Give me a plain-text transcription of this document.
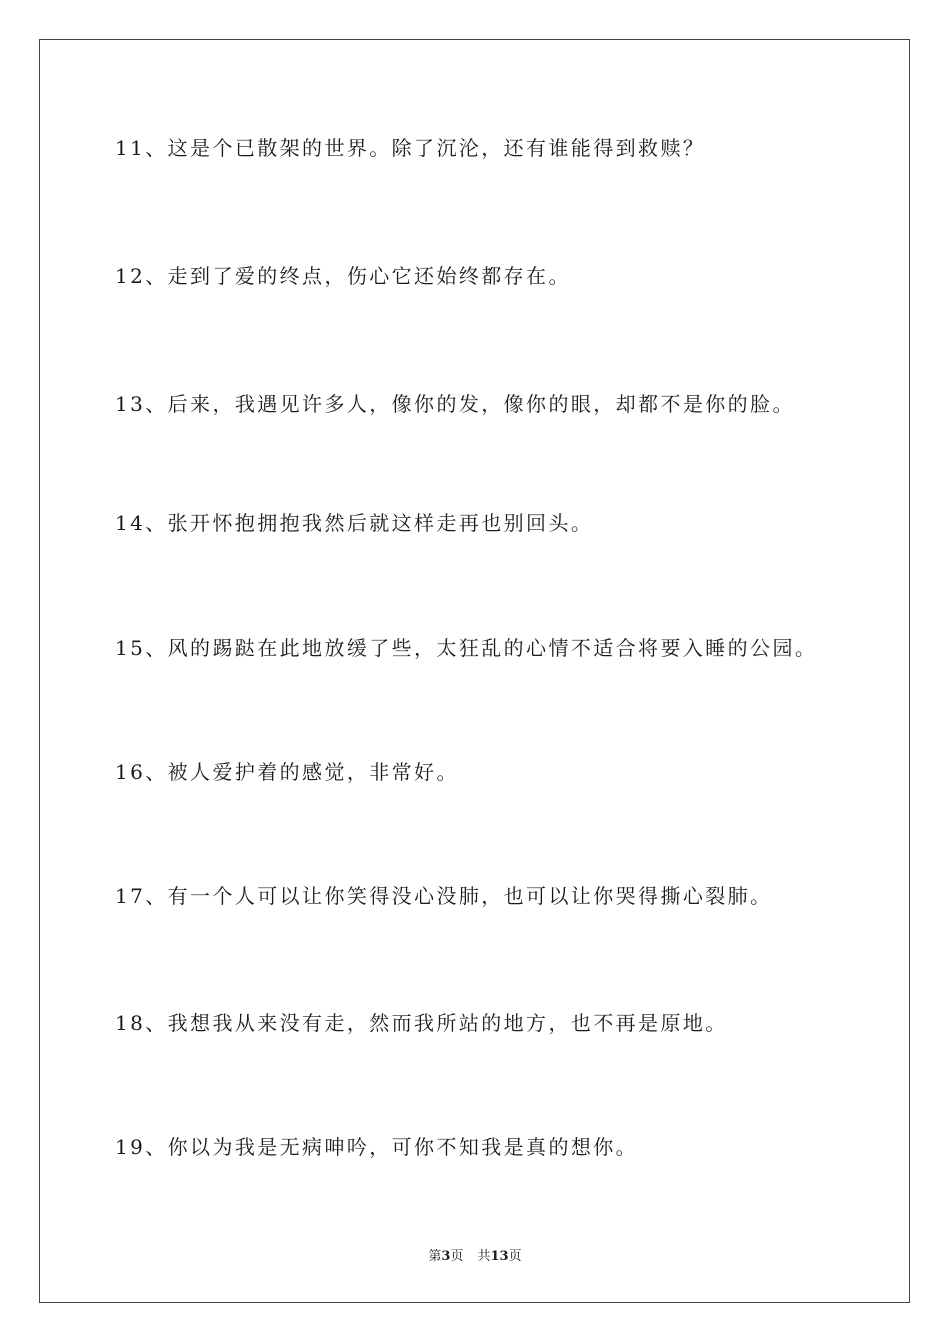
11、这是个已散架的世界。除了沉沦，还有谁能得到救赎？
12、走到了爱的终点，伤心它还始终都存在。
13、后来，我遇见许多人，像你的发，像你的眼，却都不是你的脸。
14、张开怀抱拥抱我然后就这样走再也别回头。
15、风的踢跶在此地放缓了些，太狂乱的心情不适合将要入睡的公园。
16、被人爱护着的感觉，非常好。
17、有一个人可以让你笑得没心没肺，也可以让你哭得撕心裂肺。
18、我想我从来没有走，然而我所站的地方，也不再是原地。
19、你以为我是无病呻吟，可你不知我是真的想你。
第3页 共13页
